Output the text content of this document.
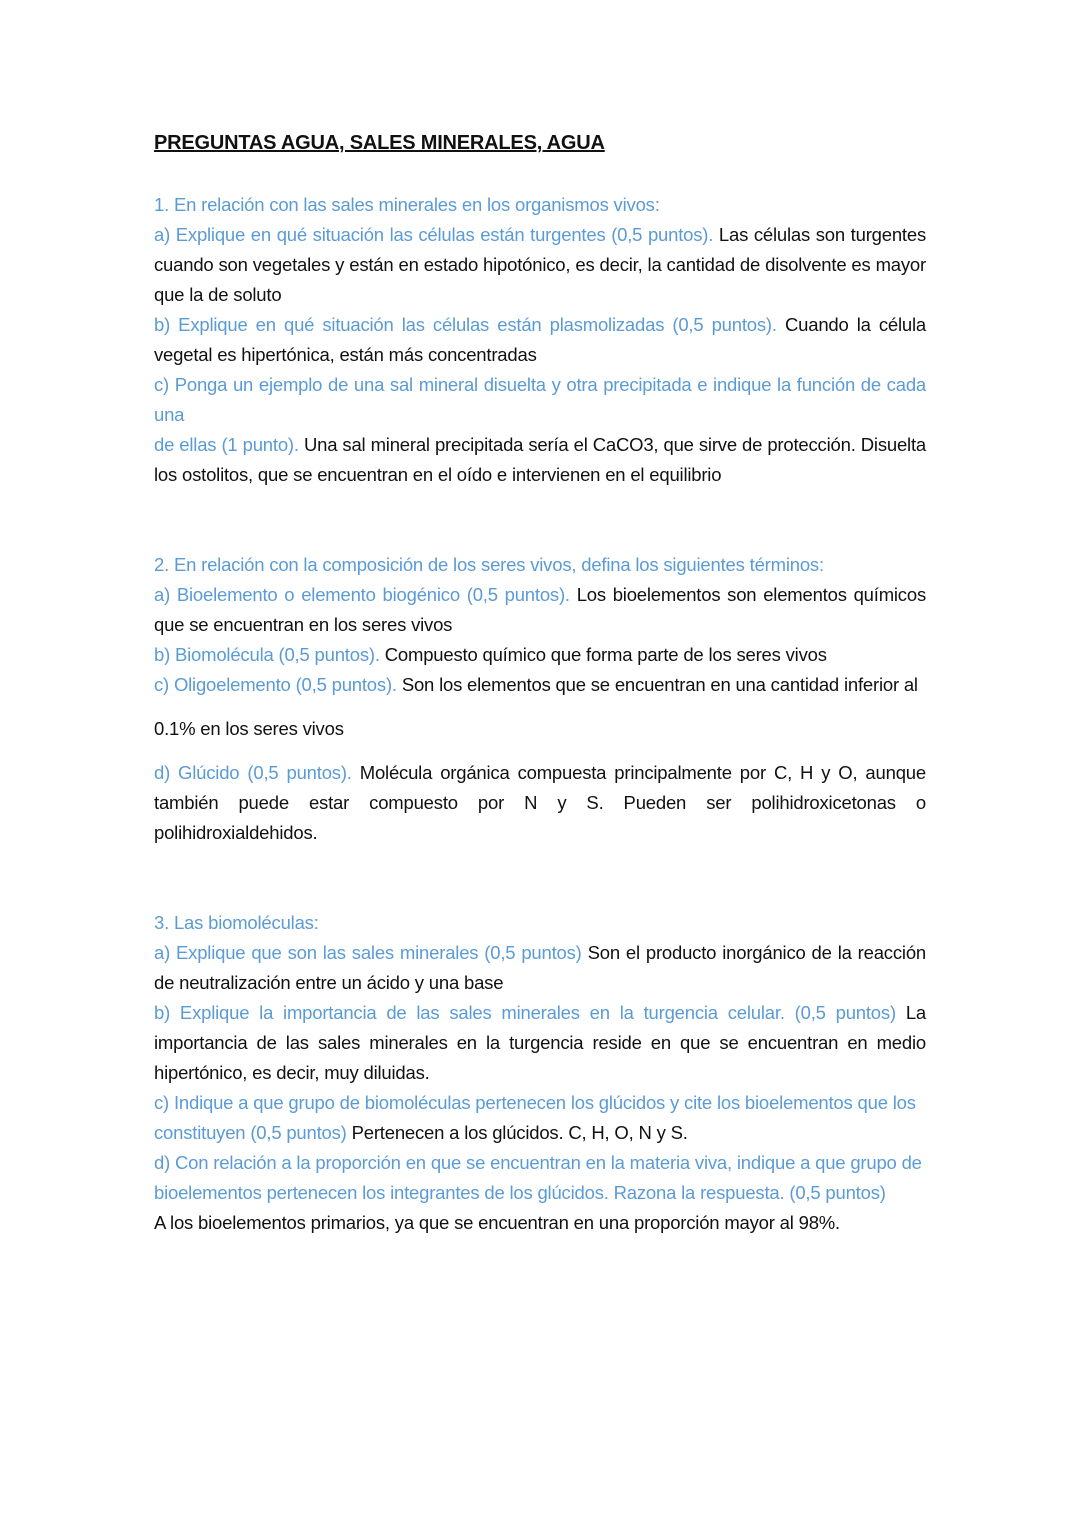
PREGUNTAS AGUA, SALES MINERALES, AGUA

1. En relación con las sales minerales en los organismos vivos:

a) Explique en qué situación las células están turgentes (0,5 puntos). Las células son turgentes cuando son vegetales y están en estado hipotónico, es decir, la cantidad de disolvente es mayor que la de soluto

b) Explique en qué situación las células están plasmolizadas (0,5 puntos). Cuando la célula vegetal es hipertónica, están más concentradas

c) Ponga un ejemplo de una sal mineral disuelta y otra precipitada e indique la función de cada una

de ellas (1 punto). Una sal mineral precipitada sería el CaCO3, que sirve de protección. Disuelta los ostolitos, que se encuentran en el oído e intervienen en el equilibrio

2. En relación con la composición de los seres vivos, defina los siguientes términos:

a) Bioelemento o elemento biogénico (0,5 puntos). Los bioelementos son elementos químicos que se encuentran en los seres vivos

b) Biomolécula (0,5 puntos). Compuesto químico que forma parte de los seres vivos

c) Oligoelemento (0,5 puntos). Son los elementos que se encuentran en una cantidad inferior al

0.1% en los seres vivos

d) Glúcido (0,5 puntos). Molécula orgánica compuesta principalmente por C, H y O, aunque también puede estar compuesto por N y S. Pueden ser polihidroxicetonas o polihidroxialdehidos.

3. Las biomoléculas:

a) Explique que son las sales minerales (0,5 puntos) Son el producto inorgánico de la reacción de neutralización entre un ácido y una base

b) Explique la importancia de las sales minerales en la turgencia celular. (0,5 puntos) La importancia de las sales minerales en la turgencia reside en que se encuentran en medio hipertónico, es decir, muy diluidas.

c) Indique a que grupo de biomoléculas pertenecen los glúcidos y cite los bioelementos que los constituyen (0,5 puntos) Pertenecen a los glúcidos. C, H, O, N y S.

d) Con relación a la proporción en que se encuentran en la materia viva, indique a que grupo de bioelementos pertenecen los integrantes de los glúcidos. Razona la respuesta. (0,5 puntos)

A los bioelementos primarios, ya que se encuentran en una proporción mayor al 98%.
